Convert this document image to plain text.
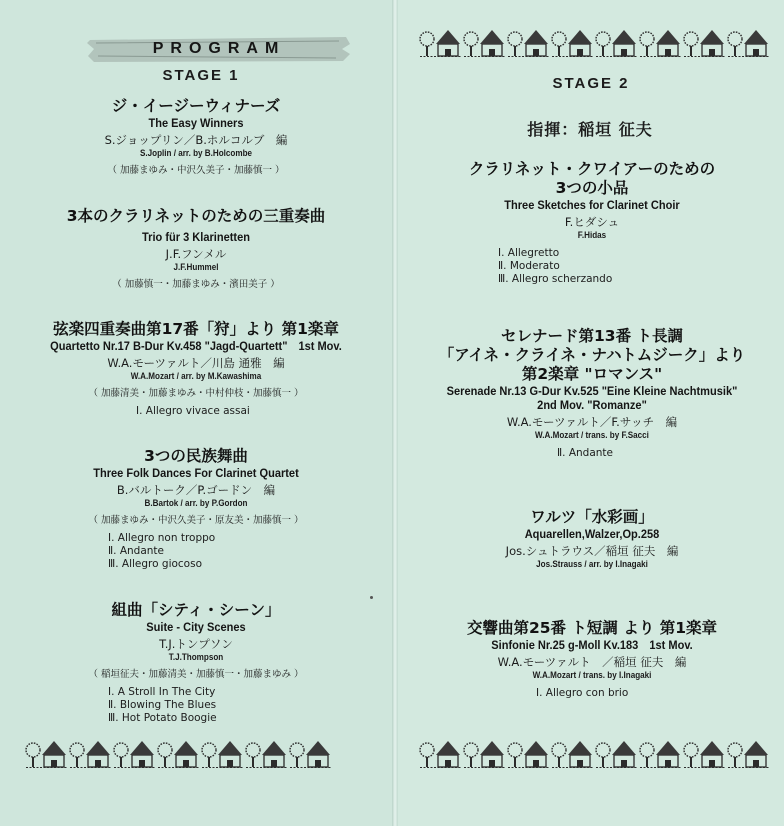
PROGRAM
STAGE 1
ジ・イージーウィナーズ
The Easy Winners
S.ジョップリン／B.ホルコルブ　編
S.Joplin / arr. by B.Holcombe
（ 加藤まゆみ・中沢久美子・加藤慎一 ）
3本のクラリネットのための三重奏曲
Trio für 3 Klarinetten
J.F.フンメル
J.F.Hummel
（ 加藤慎一・加藤まゆみ・濱田美子 ）
弦楽四重奏曲第17番「狩」より 第1楽章
Quartetto Nr.17 B-Dur Kv.458 "Jagd-Quartett"　1st Mov.
W.A.モーツァルト／川島 通雅　編
W.A.Mozart / arr. by M.Kawashima
（ 加藤清美・加藤まゆみ・中村仲枝・加藤慎一 ）
Ⅰ. Allegro vivace assai
3つの民族舞曲
Three Folk Dances For Clarinet Quartet
B.バルトーク／P.ゴードン　編
B.Bartok / arr. by P.Gordon
（ 加藤まゆみ・中沢久美子・原友美・加藤慎一 ）
Ⅰ. Allegro non troppo
Ⅱ. Andante
Ⅲ. Allegro giocoso
組曲「シティ・シーン」
Suite - City Scenes
T.J.トンプソン
T.J.Thompson
（ 稲垣征夫・加藤清美・加藤慎一・加藤まゆみ ）
Ⅰ. A Stroll In The City
Ⅱ. Blowing The Blues
Ⅲ. Hot Potato Boogie
STAGE 2
指揮：稲垣 征夫
クラリネット・クワイアーのための
3つの小品
Three Sketches for Clarinet Choir
F.ヒダシュ
F.Hidas
Ⅰ. Allegretto
Ⅱ. Moderato
Ⅲ. Allegro scherzando
セレナード第13番 ト長調
「アイネ・クライネ・ナハトムジーク」より
第2楽章 "ロマンス"
Serenade Nr.13 G-Dur Kv.525 "Eine Kleine Nachtmusik"
2nd Mov. "Romanze"
W.A.モーツァルト／F.サッチ　編
W.A.Mozart / trans. by F.Sacci
Ⅱ. Andante
ワルツ「水彩画」
Aquarellen,Walzer,Op.258
Jos.シュトラウス／稲垣 征夫　編
Jos.Strauss / arr. by I.Inagaki
交響曲第25番 ト短調 より 第1楽章
Sinfonie Nr.25 g-Moll Kv.183　1st Mov.
W.A.モーツァルト　／稲垣 征夫　編
W.A.Mozart / trans. by I.Inagaki
Ⅰ. Allegro con brio
